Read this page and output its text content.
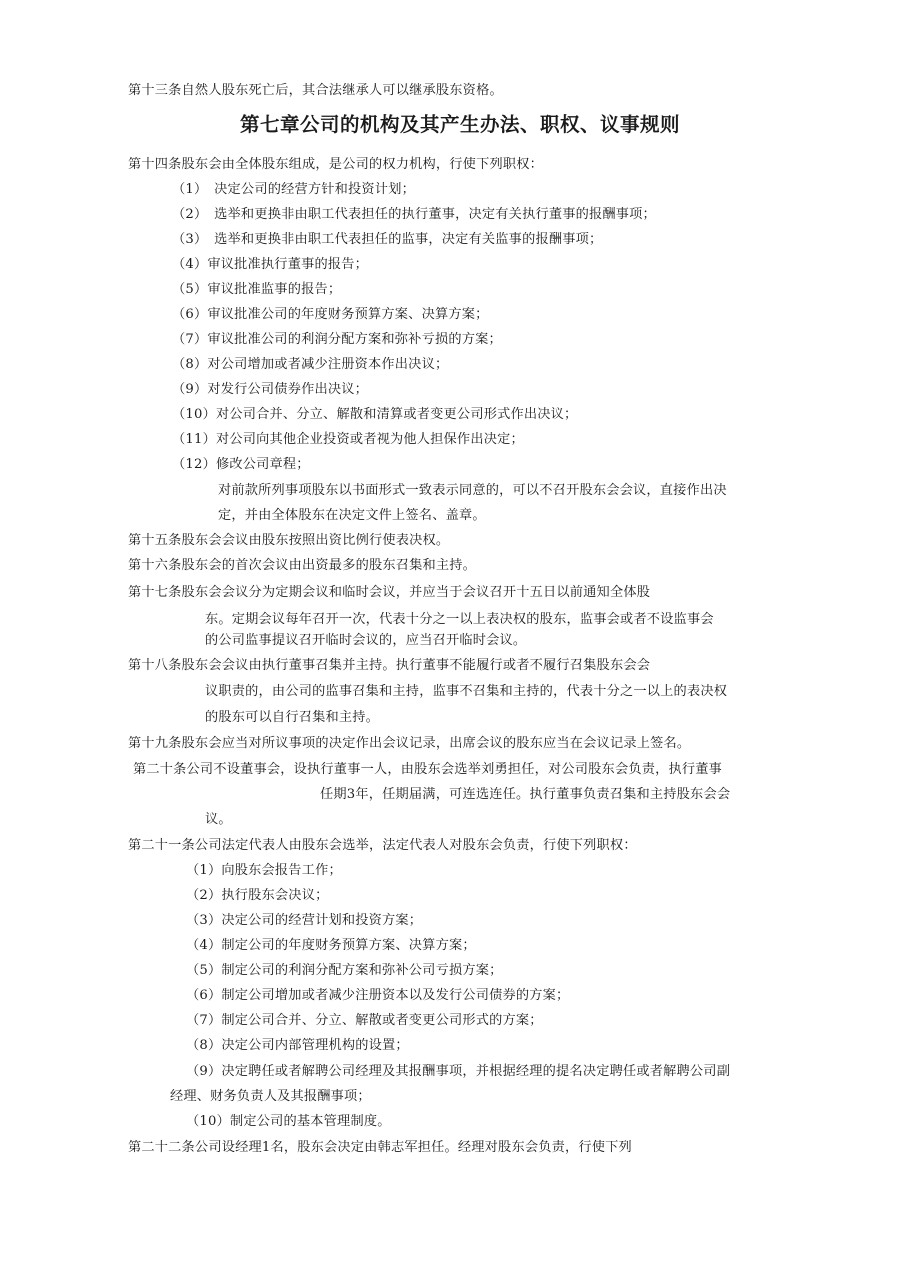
第十三条自然人股东死亡后，其合法继承人可以继承股东资格。
第七章公司的机构及其产生办法、职权、议事规则
第十四条股东会由全体股东组成，是公司的权力机构，行使下列职权：
（1）　决定公司的经营方针和投资计划；
（2）　选举和更换非由职工代表担任的执行董事，决定有关执行董事的报酬事项；
（3）　选举和更换非由职工代表担任的监事，决定有关监事的报酬事项；
（4）审议批准执行董事的报告；
（5）审议批准监事的报告；
（6）审议批准公司的年度财务预算方案、决算方案；
（7）审议批准公司的利润分配方案和弥补亏损的方案；
（8）对公司增加或者减少注册资本作出决议；
（9）对发行公司债券作出决议；
（10）对公司合并、分立、解散和清算或者变更公司形式作出决议；
（11）对公司向其他企业投资或者视为他人担保作出决定；
（12）修改公司章程；
对前款所列事项股东以书面形式一致表示同意的，可以不召开股东会会议，直接作出决
定，并由全体股东在决定文件上签名、盖章。
第十五条股东会会议由股东按照出资比例行使表决权。
第十六条股东会的首次会议由出资最多的股东召集和主持。
第十七条股东会会议分为定期会议和临时会议，并应当于会议召开十五日以前通知全体股
东。定期会议每年召开一次，代表十分之一以上表决权的股东，监事会或者不设监事会
的公司监事提议召开临时会议的，应当召开临时会议。
第十八条股东会会议由执行董事召集并主持。执行董事不能履行或者不履行召集股东会会
议职责的，由公司的监事召集和主持，监事不召集和主持的，代表十分之一以上的表决权
的股东可以自行召集和主持。
第十九条股东会应当对所议事项的决定作出会议记录，出席会议的股东应当在会议记录上签名。
第二十条公司不设董事会，设执行董事一人，由股东会选举刘勇担任，对公司股东会负责，执行董事
任期3年，任期届满，可连选连任。执行董事负责召集和主持股东会会
议。
第二十一条公司法定代表人由股东会选举，法定代表人对股东会负责，行使下列职权：
（1）向股东会报告工作；
（2）执行股东会决议；
（3）决定公司的经营计划和投资方案；
（4）制定公司的年度财务预算方案、决算方案；
（5）制定公司的利润分配方案和弥补公司亏损方案；
（6）制定公司增加或者减少注册资本以及发行公司债券的方案；
（7）制定公司合并、分立、解散或者变更公司形式的方案；
（8）决定公司内部管理机构的设置；
（9）决定聘任或者解聘公司经理及其报酬事项，并根据经理的提名决定聘任或者解聘公司副
经理、财务负责人及其报酬事项；
（10）制定公司的基本管理制度。
第二十二条公司设经理1名，股东会决定由韩志军担任。经理对股东会负责，行使下列
